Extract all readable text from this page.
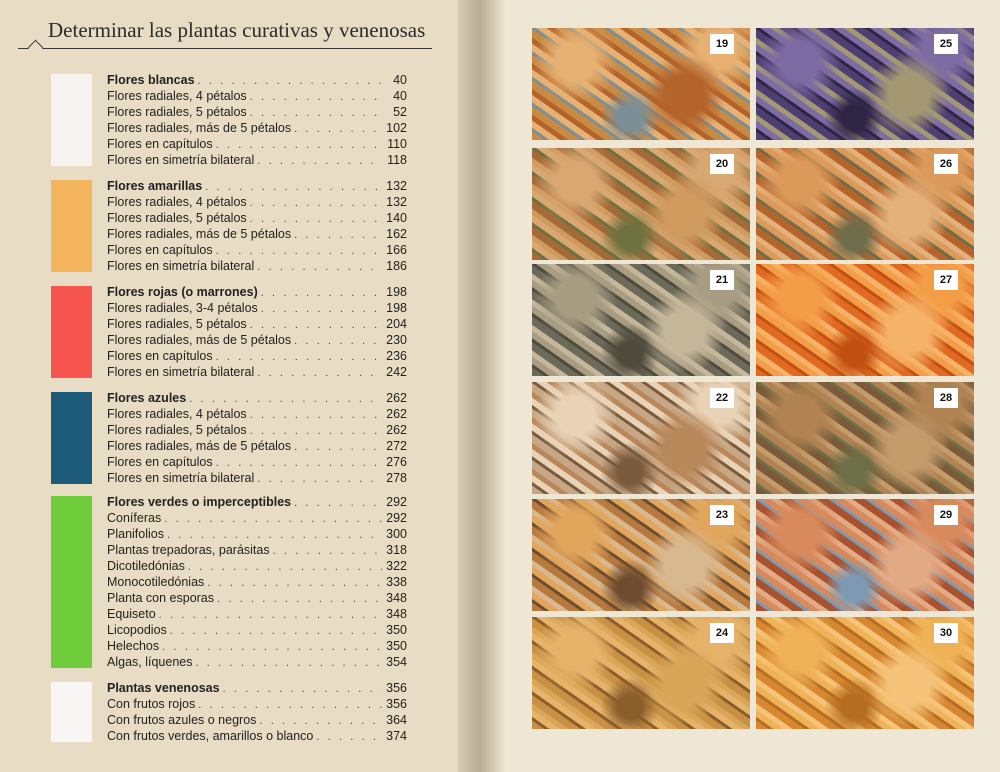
Determinar las plantas curativas y venenosas
Flores blancas . . .	40
Flores radiales, 4 pétalos . . .	40
Flores radiales, 5 pétalos . . .	52
Flores radiales, más de 5 pétalos . . .	102
Flores en capítulos . . .	110
Flores en simetría bilateral . . .	118
Flores amarillas . . .	132
Flores radiales, 4 pétalos . . .	132
Flores radiales, 5 pétalos . . .	140
Flores radiales, más de 5 pétalos . . .	162
Flores en capítulos . . .	166
Flores en simetría bilateral . . .	186
Flores rojas (o marrones) . . .	198
Flores radiales, 3-4 pétalos . . .	198
Flores radiales, 5 pétalos . . .	204
Flores radiales, más de 5 pétalos . . .	230
Flores en capítulos . . .	236
Flores en simetría bilateral . . .	242
Flores azules . . .	262
Flores radiales, 4 pétalos . . .	262
Flores radiales, 5 pétalos . . .	262
Flores radiales, más de 5 pétalos . . .	272
Flores en capítulos . . .	276
Flores en simetría bilateral . . .	278
Flores verdes o imperceptibles . . .	292
Coníferas . . .	292
Planifolios . . .	300
Plantas trepadoras, parásitas . . .	318
Dicotiledónias . . .	322
Monocotiledónias . . .	338
Planta con esporas . . .	348
Equiseto . . .	348
Licopodios . . .	350
Helechos . . .	350
Algas, líquenes . . .	354
Plantas venenosas . . .	356
Con frutos rojos . . .	356
Con frutos azules o negros . . .	364
Con frutos verdes, amarillos o blanco . . .	374
19
20
21
22
23
24
25
26
27
28
29
30
